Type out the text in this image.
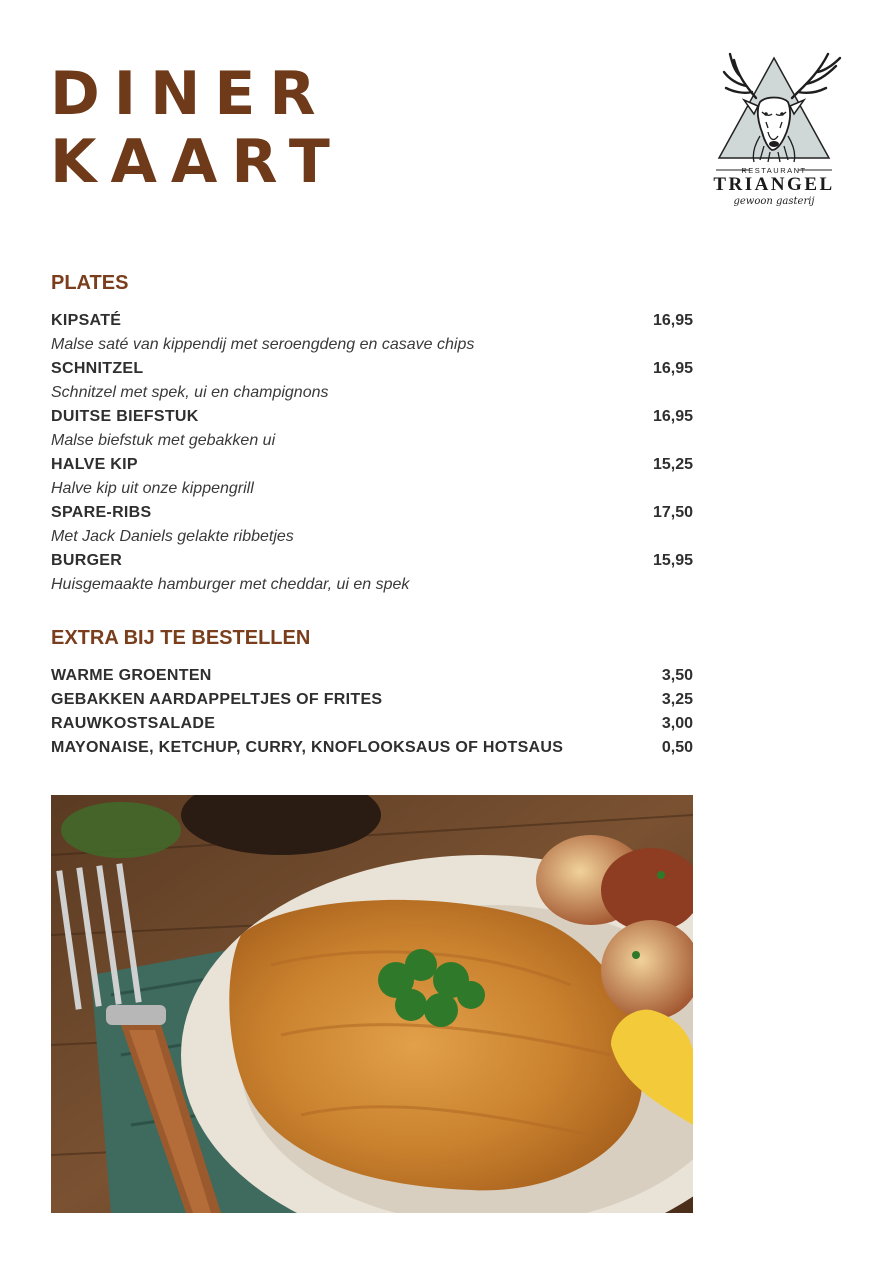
DINER
KAART	RESTAURANT
TRIANGEL
gewoon gasterij
PLATES
KIPSATÉ	16,95
Malse saté van kippendij met seroengdeng en casave chips
SCHNITZEL	16,95
Schnitzel met spek, ui en champignons
DUITSE BIEFSTUK	16,95
Malse biefstuk met gebakken ui
HALVE KIP	15,25
Halve kip uit onze kippengrill
SPARE-RIBS	17,50
Met Jack Daniels gelakte ribbetjes
BURGER	15,95
Huisgemaakte hamburger met cheddar, ui en spek
EXTRA BIJ TE BESTELLEN
WARME GROENTEN	3,50
GEBAKKEN AARDAPPELTJES OF FRITES	3,25
RAUWKOSTSALADE	3,00
MAYONAISE, KETCHUP, CURRY, KNOFLOOKSAUS OF HOTSAUS	0,50
